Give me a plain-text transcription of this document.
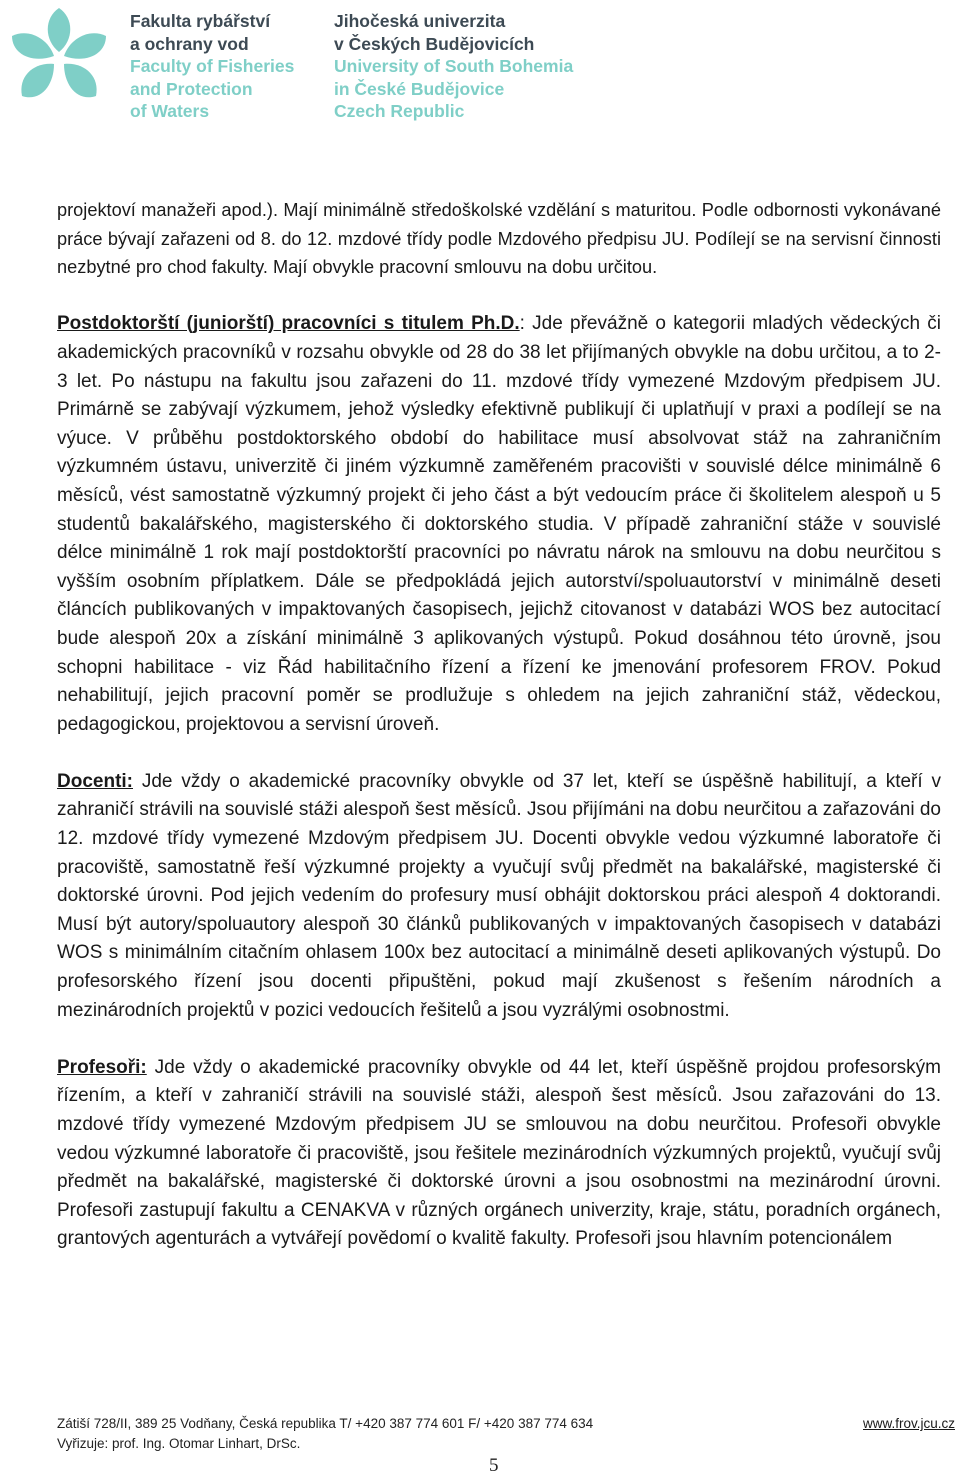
Fakulta rybářství
a ochrany vod
Faculty of Fisheries
and Protection
of Waters
Jihočeská univerzita
v Českých Budějovicích
University of South Bohemia
in České Budějovice
Czech Republic

projektoví manažeři apod.). Mají minimálně středoškolské vzdělání s maturitou. Podle odbornosti vykonávané práce bývají zařazeni od 8. do 12. mzdové třídy podle Mzdového předpisu JU. Podílejí se na servisní činnosti nezbytné pro chod fakulty. Mají obvykle pracovní smlouvu na dobu určitou.

Postdoktorští (juniorští) pracovníci s titulem Ph.D.: Jde převážně o kategorii mladých vědeckých či akademických pracovníků v rozsahu obvykle od 28 do 38 let přijímaných obvykle na dobu určitou, a to 2-3 let. Po nástupu na fakultu jsou zařazeni do 11. mzdové třídy vymezené Mzdovým předpisem JU. Primárně se zabývají výzkumem, jehož výsledky efektivně publikují či uplatňují v praxi a podílejí se na výuce. V průběhu postdoktorského období do habilitace musí absolvovat stáž na zahraničním výzkumném ústavu, univerzitě či jiném výzkumně zaměřeném pracovišti v souvislé délce minimálně 6 měsíců, vést samostatně výzkumný projekt či jeho část a být vedoucím práce či školitelem alespoň u 5 studentů bakalářského, magisterského či doktorského studia. V případě zahraniční stáže v souvislé délce minimálně 1 rok mají postdoktorští pracovníci po návratu nárok na smlouvu na dobu neurčitou s vyšším osobním příplatkem. Dále se předpokládá jejich autorství/spoluautorství v minimálně deseti článcích publikovaných v impaktovaných časopisech, jejichž citovanost v databázi WOS bez autocitací bude alespoň 20x a získání minimálně 3 aplikovaných výstupů. Pokud dosáhnou této úrovně, jsou schopni habilitace - viz Řád habilitačního řízení a řízení ke jmenování profesorem FROV. Pokud nehabilitují, jejich pracovní poměr se prodlužuje s ohledem na jejich zahraniční stáž, vědeckou, pedagogickou, projektovou a servisní úroveň.

Docenti: Jde vždy o akademické pracovníky obvykle od 37 let, kteří se úspěšně habilitují, a kteří v zahraničí strávili na souvislé stáži alespoň šest měsíců. Jsou přijímáni na dobu neurčitou a zařazováni do 12. mzdové třídy vymezené Mzdovým předpisem JU. Docenti obvykle vedou výzkumné laboratoře či pracoviště, samostatně řeší výzkumné projekty a vyučují svůj předmět na bakalářské, magisterské či doktorské úrovni. Pod jejich vedením do profesury musí obhájit doktorskou práci alespoň 4 doktorandi. Musí být autory/spoluautory alespoň 30 článků publikovaných v impaktovaných časopisech v databázi WOS s minimálním citačním ohlasem 100x bez autocitací a minimálně deseti aplikovaných výstupů. Do profesorského řízení jsou docenti připuštěni, pokud mají zkušenost s řešením národních a mezinárodních projektů v pozici vedoucích řešitelů a jsou vyzrálými osobnostmi.

Profesoři: Jde vždy o akademické pracovníky obvykle od 44 let, kteří úspěšně projdou profesorským řízením, a kteří v zahraničí strávili na souvislé stáži, alespoň šest měsíců. Jsou zařazováni do 13. mzdové třídy vymezené Mzdovým předpisem JU se smlouvou na dobu neurčitou. Profesoři obvykle vedou výzkumné laboratoře či pracoviště, jsou řešitele mezinárodních výzkumných projektů, vyučují svůj předmět na bakalářské, magisterské či doktorské úrovni a jsou osobnostmi na mezinárodní úrovni. Profesoři zastupují fakultu a CENAKVA v různých orgánech univerzity, kraje, státu, poradních orgánech, grantových agenturách a vytvářejí povědomí o kvalitě fakulty. Profesoři jsou hlavním potencionálem

Zátiší 728/II, 389 25 Vodňany, Česká republika T/ +420 387 774 601 F/ +420 387 774 634	www.frov.jcu.cz
Vyřizuje: prof. Ing. Otomar Linhart, DrSc.
5
